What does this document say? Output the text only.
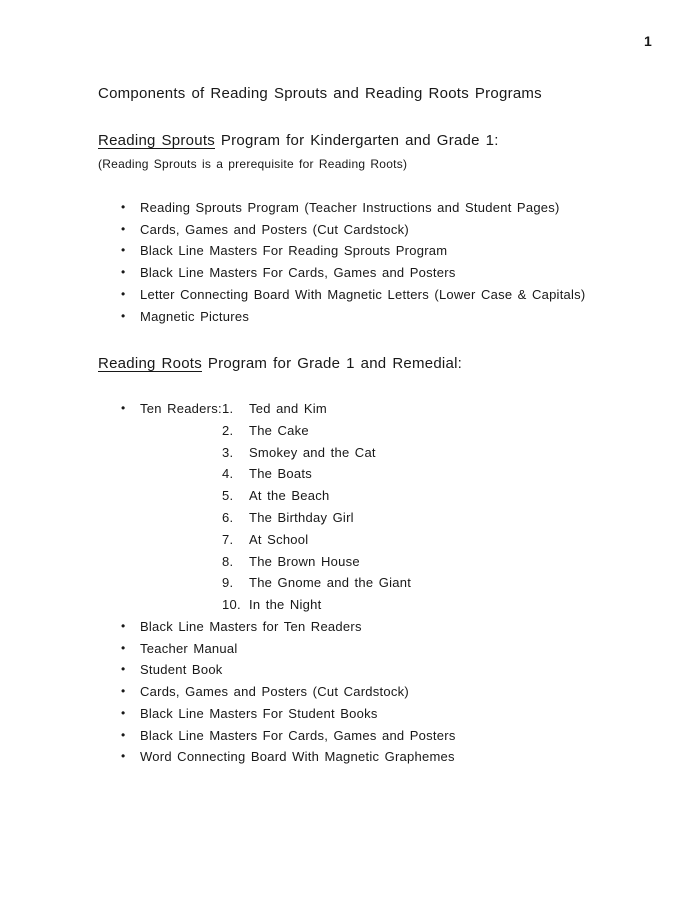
1
Components of Reading Sprouts and Reading Roots Programs
Reading Sprouts Program for Kindergarten and Grade 1:
(Reading Sprouts is a prerequisite for Reading Roots)
•	Reading Sprouts Program (Teacher Instructions and Student Pages)
•	Cards, Games and Posters (Cut Cardstock)
•	Black Line Masters For Reading Sprouts Program
•	Black Line Masters For Cards, Games and Posters
•	Letter Connecting Board With Magnetic Letters (Lower Case & Capitals)
•	Magnetic Pictures
Reading Roots Program for Grade 1 and Remedial:
•	Ten Readers: 1.	Ted and Kim
2.	The Cake
3.	Smokey and the Cat
4.	The Boats
5.	At the Beach
6.	The Birthday Girl
7.	At School
8.	The Brown House
9.	The Gnome and the Giant
10. In the Night
•	Black Line Masters for Ten Readers
•	Teacher Manual
•	Student Book
•	Cards, Games and Posters (Cut Cardstock)
•	Black Line Masters For Student Books
•	Black Line Masters For Cards, Games and Posters
•	Word Connecting Board With Magnetic Graphemes
